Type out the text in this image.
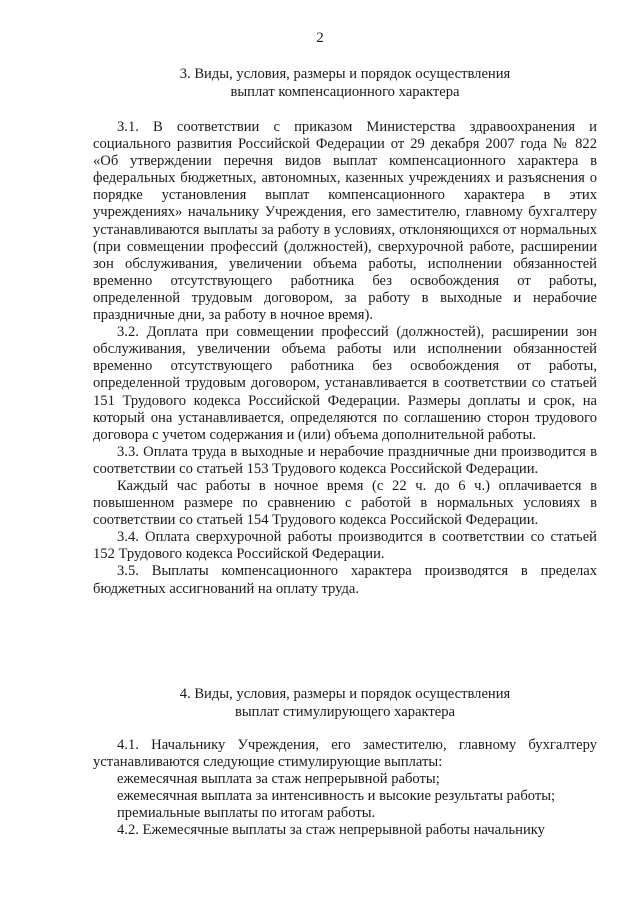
2
3. Виды, условия, размеры и порядок осуществления
выплат компенсационного характера

3.1. В соответствии с приказом Министерства здравоохранения и социального развития Российской Федерации от 29 декабря 2007 года № 822 «Об утверждении перечня видов выплат компенсационного характера в федеральных бюджетных, автономных, казенных учреждениях и разъяснения о порядке установления выплат компенсационного характера в этих учреждениях» начальнику Учреждения, его заместителю, главному бухгалтеру устанавливаются выплаты за работу в условиях, отклоняющихся от нормальных (при совмещении профессий (должностей), сверхурочной работе, расширении зон обслуживания, увеличении объема работы, исполнении обязанностей временно отсутствующего работника без освобождения от работы, определенной трудовым договором, за работу в выходные и нерабочие праздничные дни, за работу в ночное время).

3.2. Доплата при совмещении профессий (должностей), расширении зон обслуживания, увеличении объема работы или исполнении обязанностей временно отсутствующего работника без освобождения от работы, определенной трудовым договором, устанавливается в соответствии со статьей 151 Трудового кодекса Российской Федерации. Размеры доплаты и срок, на который она устанавливается, определяются по соглашению сторон трудового договора с учетом содержания и (или) объема дополнительной работы.

3.3. Оплата труда в выходные и нерабочие праздничные дни производится в соответствии со статьей 153 Трудового кодекса Российской Федерации.

Каждый час работы в ночное время (с 22 ч. до 6 ч.) оплачивается в повышенном размере по сравнению с работой в нормальных условиях в соответствии со статьей 154 Трудового кодекса Российской Федерации.

3.4. Оплата сверхурочной работы производится в соответствии со статьей 152 Трудового кодекса Российской Федерации.

3.5. Выплаты компенсационного характера производятся в пределах бюджетных ассигнований на оплату труда.

4. Виды, условия, размеры и порядок осуществления
выплат стимулирующего характера

4.1. Начальнику Учреждения, его заместителю, главному бухгалтеру устанавливаются следующие стимулирующие выплаты:

ежемесячная выплата за стаж непрерывной работы;

ежемесячная выплата за интенсивность и высокие результаты работы;

премиальные выплаты по итогам работы.

4.2. Ежемесячные выплаты за стаж непрерывной работы начальнику
